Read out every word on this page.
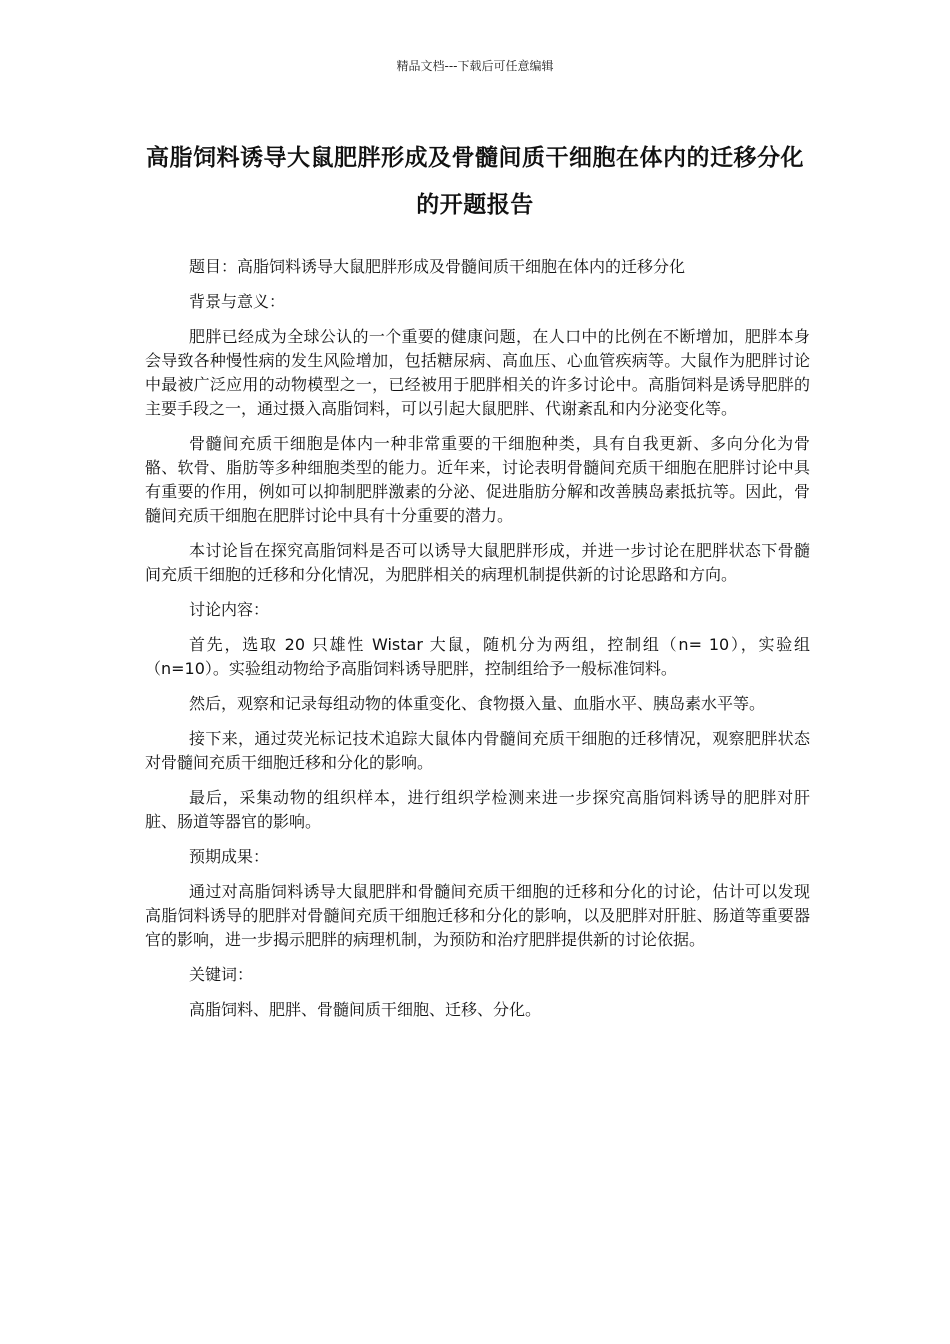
精品文档---下载后可任意编辑
高脂饲料诱导大鼠肥胖形成及骨髓间质干细胞在体内的迁移分化的开题报告

题目：高脂饲料诱导大鼠肥胖形成及骨髓间质干细胞在体内的迁移分化

背景与意义：

肥胖已经成为全球公认的一个重要的健康问题，在人口中的比例在不断增加，肥胖本身会导致各种慢性病的发生风险增加，包括糖尿病、高血压、心血管疾病等。大鼠作为肥胖讨论中最被广泛应用的动物模型之一，已经被用于肥胖相关的许多讨论中。高脂饲料是诱导肥胖的主要手段之一，通过摄入高脂饲料，可以引起大鼠肥胖、代谢紊乱和内分泌变化等。

骨髓间充质干细胞是体内一种非常重要的干细胞种类，具有自我更新、多向分化为骨骼、软骨、脂肪等多种细胞类型的能力。近年来，讨论表明骨髓间充质干细胞在肥胖讨论中具有重要的作用，例如可以抑制肥胖激素的分泌、促进脂肪分解和改善胰岛素抵抗等。因此，骨髓间充质干细胞在肥胖讨论中具有十分重要的潜力。

本讨论旨在探究高脂饲料是否可以诱导大鼠肥胖形成，并进一步讨论在肥胖状态下骨髓间充质干细胞的迁移和分化情况，为肥胖相关的病理机制提供新的讨论思路和方向。

讨论内容：

首先，选取 20 只雄性 Wistar 大鼠，随机分为两组，控制组（n= 10），实验组（n=10）。实验组动物给予高脂饲料诱导肥胖，控制组给予一般标准饲料。

然后，观察和记录每组动物的体重变化、食物摄入量、血脂水平、胰岛素水平等。

接下来，通过荧光标记技术追踪大鼠体内骨髓间充质干细胞的迁移情况，观察肥胖状态对骨髓间充质干细胞迁移和分化的影响。

最后，采集动物的组织样本，进行组织学检测来进一步探究高脂饲料诱导的肥胖对肝脏、肠道等器官的影响。

预期成果：

通过对高脂饲料诱导大鼠肥胖和骨髓间充质干细胞的迁移和分化的讨论，估计可以发现高脂饲料诱导的肥胖对骨髓间充质干细胞迁移和分化的影响，以及肥胖对肝脏、肠道等重要器官的影响，进一步揭示肥胖的病理机制，为预防和治疗肥胖提供新的讨论依据。

关键词：

高脂饲料、肥胖、骨髓间质干细胞、迁移、分化。
